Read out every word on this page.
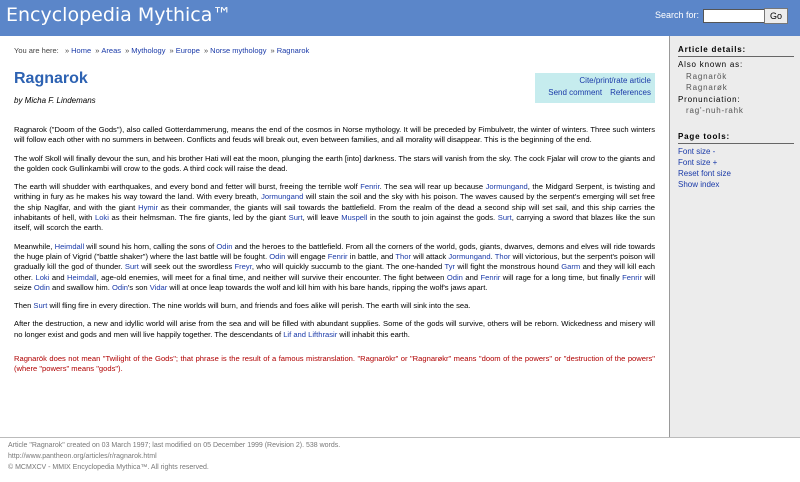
Encyclopedia Mythica™	Search for:	Go
You are here:  » Home » Areas » Mythology » Europe » Norse mythology » Ragnarok
Ragnarok
by Micha F. Lindemans
Cite/print/rate article
Send comment References

Ragnarok ("Doom of the Gods"), also called Gotterdammerung, means the end of the cosmos in Norse mythology. It will be preceded by Fimbulvetr, the winter of winters. Three such winters will follow each other with no summers in between. Conflicts and feuds will break out, even between families, and all morality will disappear. This is the beginning of the end.

The wolf Skoll will finally devour the sun, and his brother Hati will eat the moon, plunging the earth [into] darkness. The stars will vanish from the sky. The cock Fjalar will crow to the giants and the golden cock Gullinkambi will crow to the gods. A third cock will raise the dead.

The earth will shudder with earthquakes, and every bond and fetter will burst, freeing the terrible wolf Fenrir. The sea will rear up because Jormungand, the Midgard Serpent, is twisting and writhing in fury as he makes his way toward the land. With every breath, Jormungand will stain the soil and the sky with his poison. The waves caused by the serpent's emerging will set free the ship Naglfar, and with the giant Hymir as their commander, the giants will sail towards the battlefield. From the realm of the dead a second ship will set sail, and this ship carries the inhabitants of hell, with Loki as their helmsman. The fire giants, led by the giant Surt, will leave Muspell in the south to join against the gods. Surt, carrying a sword that blazes like the sun itself, will scorch the earth.

Meanwhile, Heimdall will sound his horn, calling the sons of Odin and the heroes to the battlefield. From all the corners of the world, gods, giants, dwarves, demons and elves will ride towards the huge plain of Vigrid ("battle shaker") where the last battle will be fought. Odin will engage Fenrir in battle, and Thor will attack Jormungand. Thor will victorious, but the serpent's poison will gradually kill the god of thunder. Surt will seek out the swordless Freyr, who will quickly succumb to the giant. The one-handed Tyr will fight the monstrous hound Garm and they will kill each other. Loki and Heimdall, age-old enemies, will meet for a final time, and neither will survive their encounter. The fight between Odin and Fenrir will rage for a long time, but finally Fenrir will seize Odin and swallow him. Odin's son Vidar will at once leap towards the wolf and kill him with his bare hands, ripping the wolf's jaws apart.

Then Surt will fling fire in every direction. The nine worlds will burn, and friends and foes alike will perish. The earth will sink into the sea.

After the destruction, a new and idyllic world will arise from the sea and will be filled with abundant supplies. Some of the gods will survive, others will be reborn. Wickedness and misery will no longer exist and gods and men will live happily together. The descendants of Lif and Lifthrasir will inhabit this earth.

Ragnarök does not mean "Twilight of the Gods"; that phrase is the result of a famous mistranslation. "Ragnarökr" or "Ragnarøkr" means "doom of the powers" or "destruction of the powers" (where "powers" means "gods").

Article details:
Also known as:
Ragnarök
Ragnarøk
Pronunciation:
rag'-nuh-rahk
Page tools:
Font size -
Font size +
Reset font size
Show index
Article "Ragnarok" created on 03 March 1997; last modified on 05 December 1999 (Revision 2). 538 words.
http://www.pantheon.org/articles/r/ragnarok.html
© MCMXCV - MMIX Encyclopedia Mythica™. All rights reserved.
